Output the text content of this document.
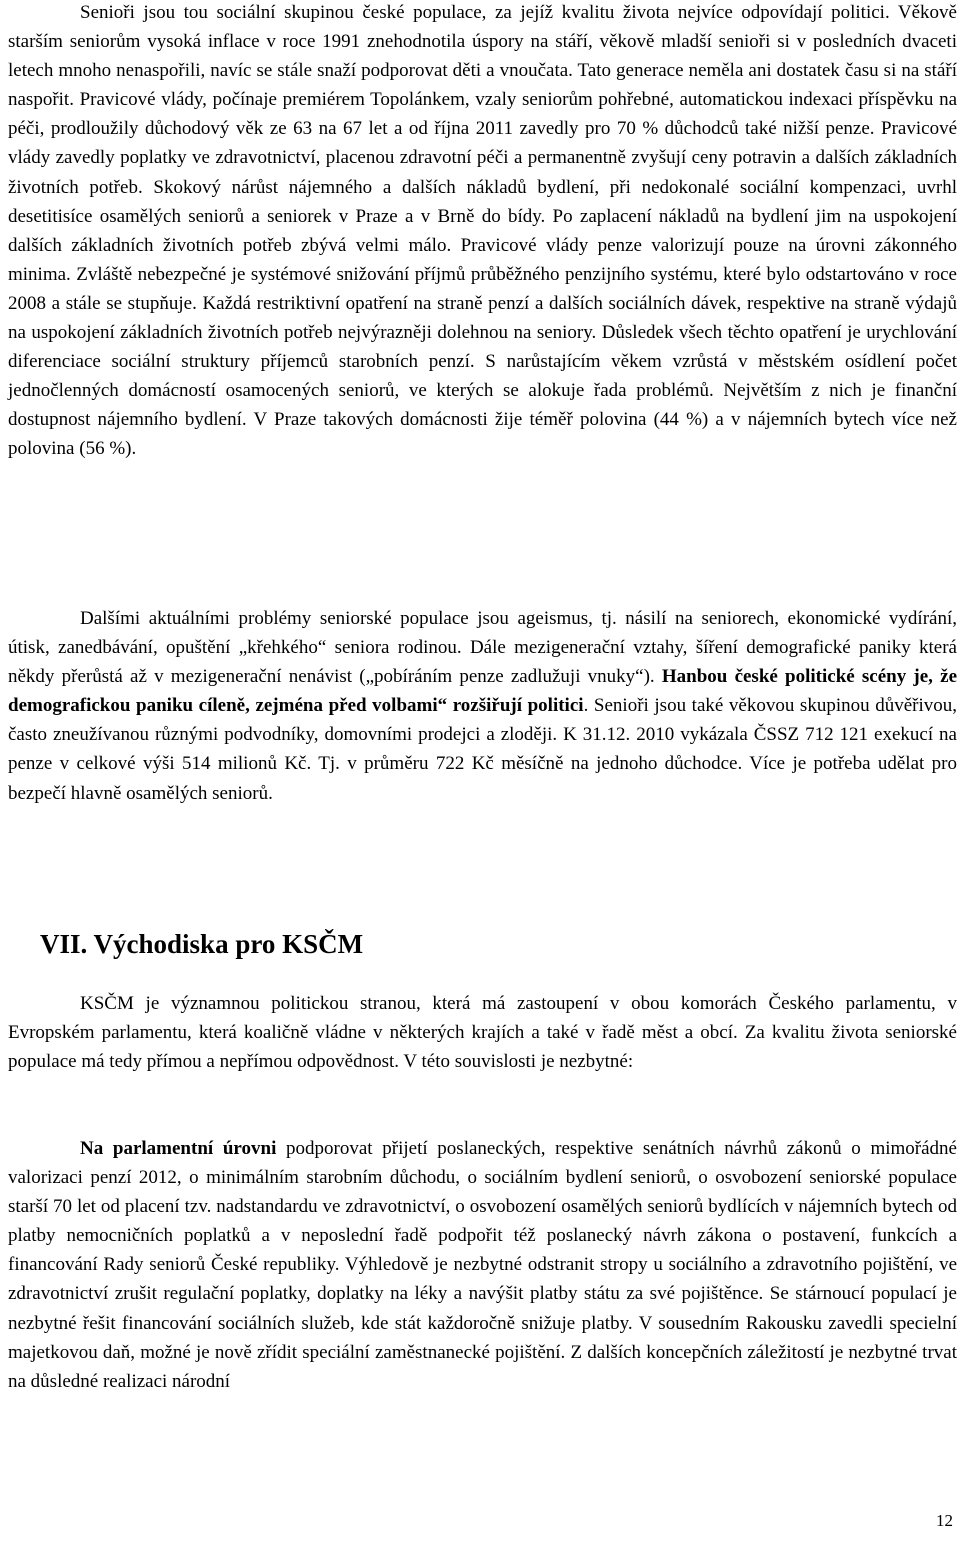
Senioři jsou tou sociální skupinou české populace, za jejíž kvalitu života nejvíce odpovídají politici. Věkově starším seniorům vysoká inflace v roce 1991 znehodnotila úspory na stáří, věkově mladší senioři si v posledních dvaceti letech mnoho nenaspořili, navíc se stále snaží podporovat děti a vnoučata. Tato generace neměla ani dostatek času si na stáří naspořit. Pravicové vlády, počínaje premiérem Topolánkem, vzaly seniorům pohřebné, automatickou indexaci příspěvku na péči, prodloužily důchodový věk ze 63 na 67 let a od října 2011 zavedly pro 70 % důchodců také nižší penze. Pravicové vlády zavedly poplatky ve zdravotnictví, placenou zdravotní péči a permanentně zvyšují ceny potravin a dalších základních životních potřeb. Skokový nárůst nájemného a dalších nákladů bydlení, při nedokonalé sociální kompenzaci, uvrhl desetitisíce osamělých seniorů a seniorek v Praze a v Brně do bídy. Po zaplacení nákladů na bydlení jim na uspokojení dalších základních životních potřeb zbývá velmi málo. Pravicové vlády penze valorizují pouze na úrovni zákonného minima. Zvláště nebezpečné je systémové snižování příjmů průběžného penzijního systému, které bylo odstartováno v roce 2008 a stále se stupňuje. Každá restriktivní opatření na straně penzí a dalších sociálních dávek, respektive na straně výdajů na uspokojení základních životních potřeb nejvýrazněji dolehnou na seniory. Důsledek všech těchto opatření je urychlování diferenciace sociální struktury příjemců starobních penzí. S narůstajícím věkem vzrůstá v městském osídlení počet jednočlenných domácností osamocených seniorů, ve kterých se alokuje řada problémů. Největším z nich je finanční dostupnost nájemního bydlení. V Praze takových domácnosti žije téměř polovina (44 %) a v nájemních bytech více než polovina (56 %).

Dalšími aktuálními problémy seniorské populace jsou ageismus, tj. násilí na seniorech, ekonomické vydírání, útisk, zanedbávání, opuštění „křehkého“ seniora rodinou. Dále mezigenerační vztahy, šíření demografické paniky která někdy přerůstá až v mezigenerační nenávist („pobíráním penze zadlužuji vnuky“). Hanbou české politické scény je, že demografickou paniku cíleně, zejména před volbami“ rozšiřují politici. Senioři jsou také věkovou skupinou důvěřivou, často zneužívanou různými podvodníky, domovními prodejci a zloději. K 31.12. 2010 vykázala ČSSZ 712 121 exekucí na penze v celkové výši 514 milionů Kč. Tj. v průměru 722 Kč měsíčně na jednoho důchodce. Více je potřeba udělat pro bezpečí hlavně osamělých seniorů.

VII. Východiska pro KSČM

KSČM je významnou politickou stranou, která má zastoupení v obou komorách Českého parlamentu, v Evropském parlamentu, která koaličně vládne v některých krajích a také v řadě měst a obcí. Za kvalitu života seniorské populace má tedy přímou a nepřímou odpovědnost. V této souvislosti je nezbytné:

Na parlamentní úrovni podporovat přijetí poslaneckých, respektive senátních návrhů zákonů o mimořádné valorizaci penzí 2012, o minimálním starobním důchodu, o sociálním bydlení seniorů, o osvobození seniorské populace starší 70 let od placení tzv. nadstandardu ve zdravotnictví, o osvobození osamělých seniorů bydlících v nájemních bytech od platby nemocničních poplatků a v neposlední řadě podpořit též poslanecký návrh zákona o postavení, funkcích a financování Rady seniorů České republiky. Výhledově je nezbytné odstranit stropy u sociálního a zdravotního pojištění, ve zdravotnictví zrušit regulační poplatky, doplatky na léky a navýšit platby státu za své pojištěnce. Se stárnoucí populací je nezbytné řešit financování sociálních služeb, kde stát každoročně snižuje platby. V sousedním Rakousku zavedli specielní majetkovou daň, možné je nově zřídit speciální zaměstnanecké pojištění. Z dalších koncepčních záležitostí je nezbytné trvat na důsledné realizaci národní

12
